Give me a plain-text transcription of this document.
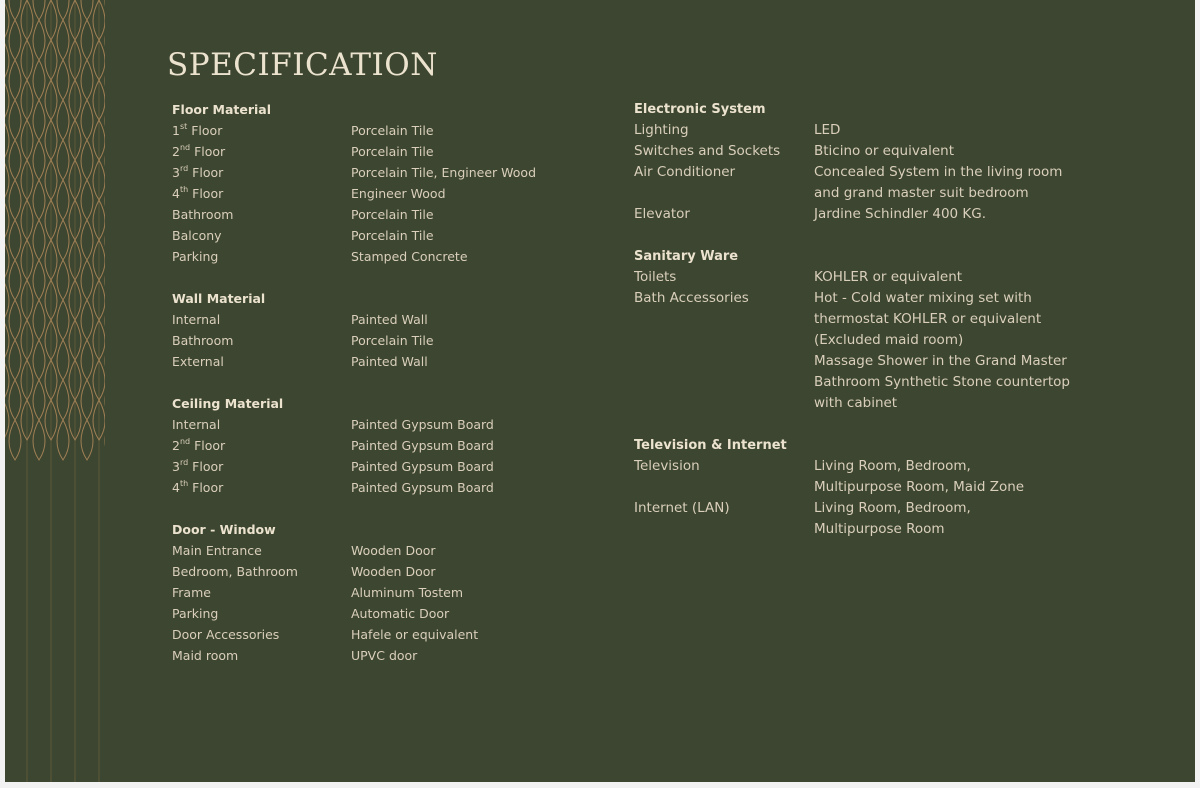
SPECIFICATION
Floor Material
1st Floor	Porcelain Tile
2nd Floor	Porcelain Tile
3rd Floor	Porcelain Tile, Engineer Wood
4th Floor	Engineer Wood
Bathroom	Porcelain Tile
Balcony	Porcelain Tile
Parking	Stamped Concrete
Wall Material
Internal	Painted Wall
Bathroom	Porcelain Tile
External	Painted Wall
Ceiling Material
Internal	Painted Gypsum Board
2nd Floor	Painted Gypsum Board
3rd Floor	Painted Gypsum Board
4th Floor	Painted Gypsum Board
Door - Window
Main Entrance	Wooden Door
Bedroom, Bathroom	Wooden Door
Frame	Aluminum Tostem
Parking	Automatic Door
Door Accessories	Hafele or equivalent
Maid room	UPVC door
Electronic System
Lighting	LED
Switches and Sockets	Bticino or equivalent
Air Conditioner	Concealed System in the living room
and grand master suit bedroom
Elevator	Jardine Schindler 400 KG.
Sanitary Ware
Toilets	KOHLER or equivalent
Bath Accessories	Hot - Cold water mixing set with
thermostat KOHLER or equivalent
(Excluded maid room)
Massage Shower in the Grand Master
Bathroom Synthetic Stone countertop
with cabinet
Television & Internet
Television	Living Room, Bedroom,
Multipurpose Room, Maid Zone
Internet (LAN)	Living Room, Bedroom,
Multipurpose Room
